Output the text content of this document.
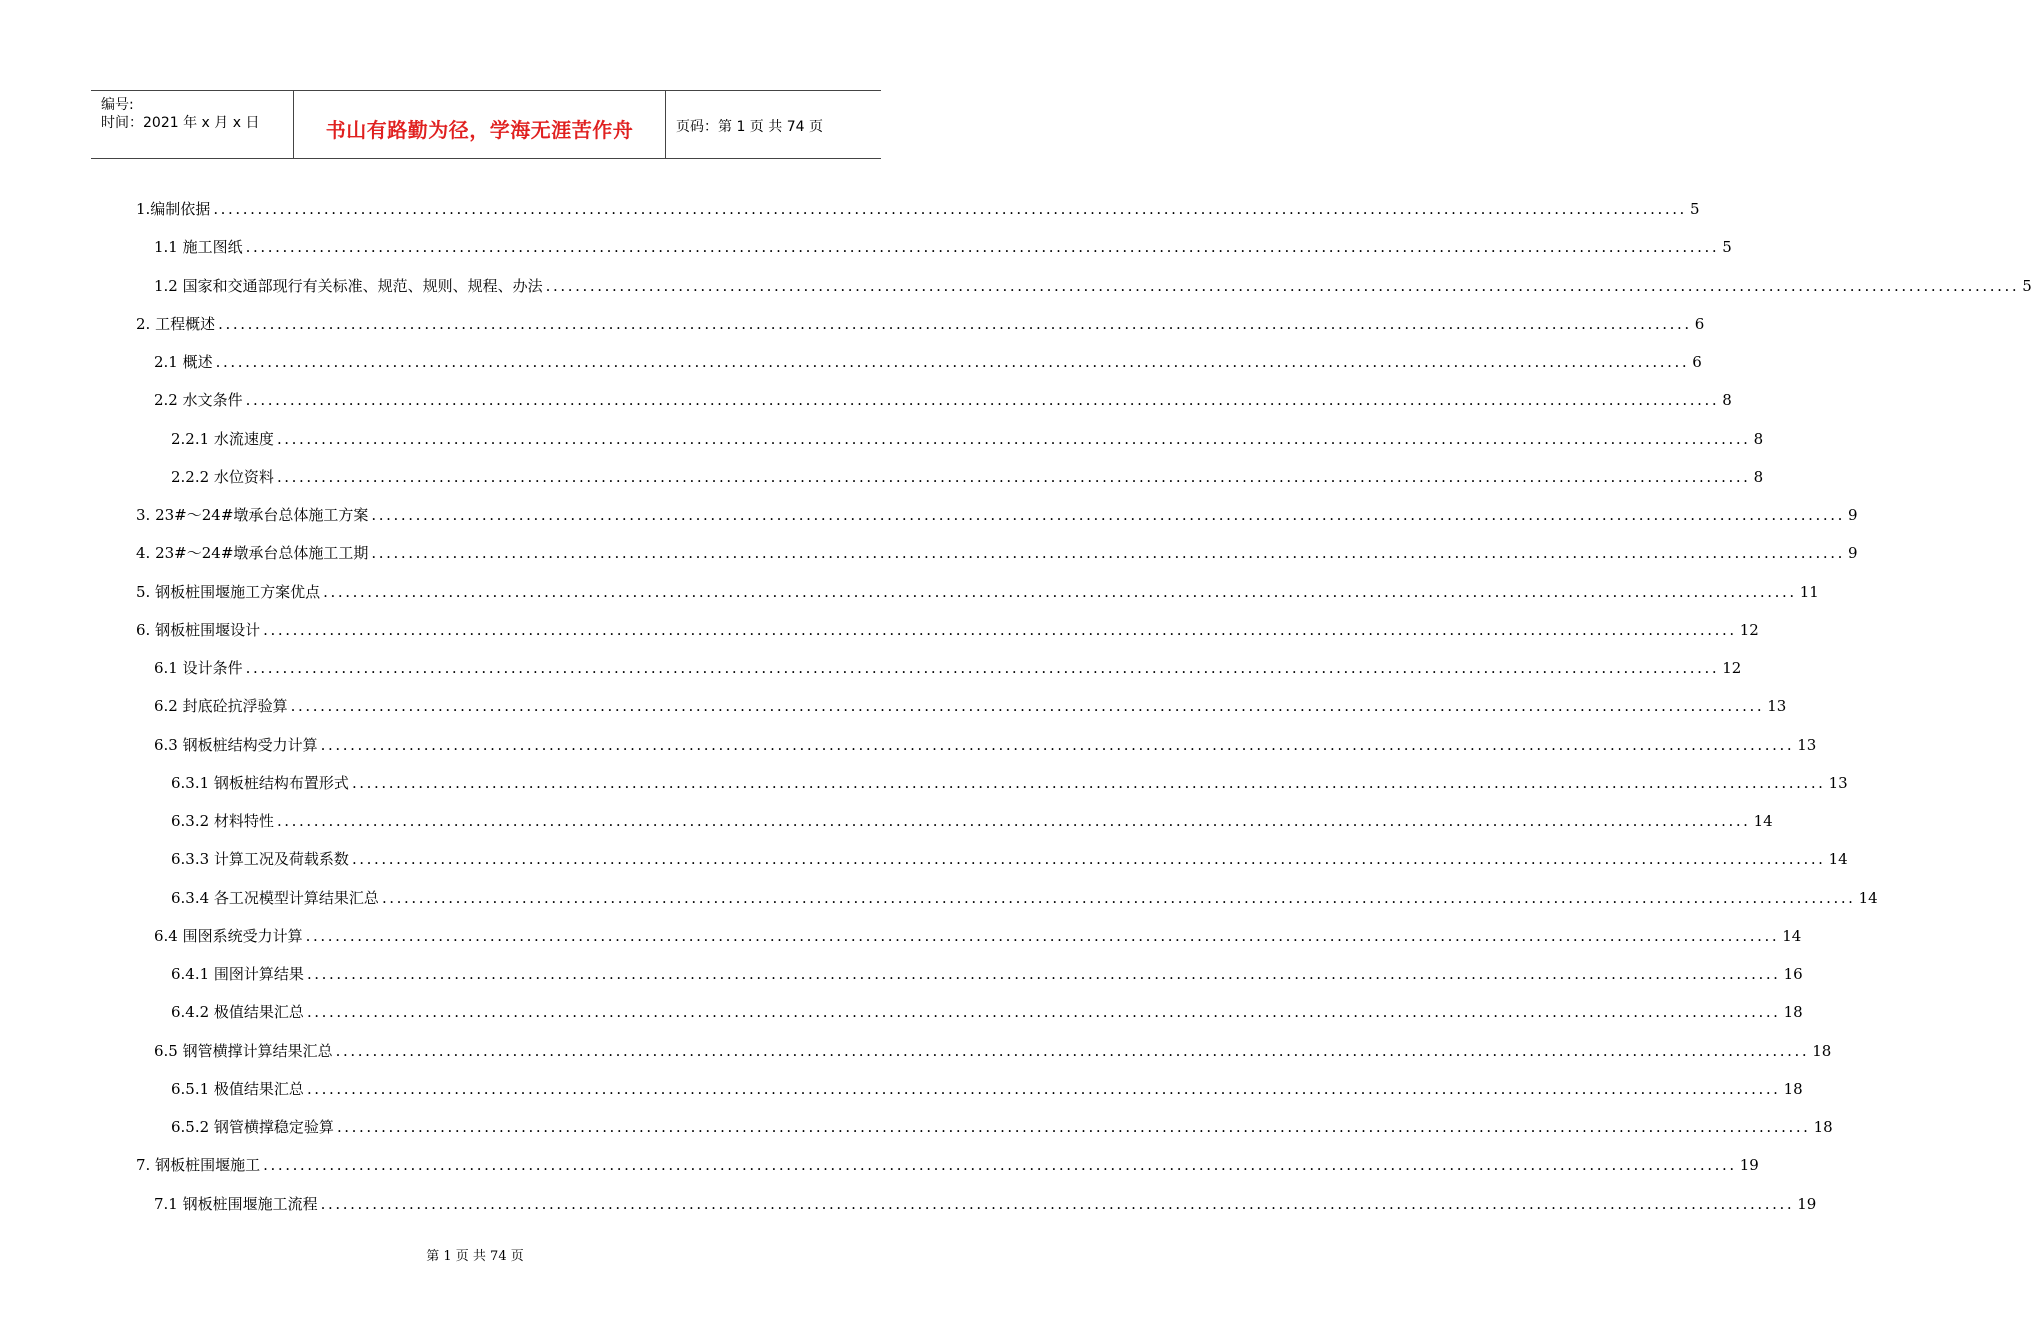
编号:
时间：2021 年 x 月 x 日	书山有路勤为径，学海无涯苦作舟	页码：第 1 页 共 74 页
1.编制依据 ........................................................................................................................................................................................................ 5
1.1 施工图纸 ........................................................................................................................................................................................................ 5
1.2 国家和交通部现行有关标准、规范、规则、规程、办法 ........................................................................................................................................................................................................ 5
2. 工程概述 ........................................................................................................................................................................................................ 6
2.1 概述 ........................................................................................................................................................................................................ 6
2.2 水文条件 ........................................................................................................................................................................................................ 8
2.2.1 水流速度 ........................................................................................................................................................................................................ 8
2.2.2 水位资料 ........................................................................................................................................................................................................ 8
3. 23#～24#墩承台总体施工方案 ........................................................................................................................................................................................................ 9
4. 23#～24#墩承台总体施工工期 ........................................................................................................................................................................................................ 9
5. 钢板桩围堰施工方案优点 ........................................................................................................................................................................................................ 11
6. 钢板桩围堰设计 ........................................................................................................................................................................................................ 12
6.1 设计条件 ........................................................................................................................................................................................................ 12
6.2 封底砼抗浮验算 ........................................................................................................................................................................................................ 13
6.3 钢板桩结构受力计算 ........................................................................................................................................................................................................ 13
6.3.1 钢板桩结构布置形式 ........................................................................................................................................................................................................ 13
6.3.2 材料特性 ........................................................................................................................................................................................................ 14
6.3.3 计算工况及荷载系数 ........................................................................................................................................................................................................ 14
6.3.4 各工况模型计算结果汇总 ........................................................................................................................................................................................................ 14
6.4 围囹系统受力计算 ........................................................................................................................................................................................................ 14
6.4.1 围囹计算结果 ........................................................................................................................................................................................................ 16
6.4.2 极值结果汇总 ........................................................................................................................................................................................................ 18
6.5 钢管横撑计算结果汇总 ........................................................................................................................................................................................................ 18
6.5.1 极值结果汇总 ........................................................................................................................................................................................................ 18
6.5.2 钢管横撑稳定验算 ........................................................................................................................................................................................................ 18
7. 钢板桩围堰施工 ........................................................................................................................................................................................................ 19
7.1 钢板桩围堰施工流程 ........................................................................................................................................................................................................ 19
第 1 页 共 74 页
